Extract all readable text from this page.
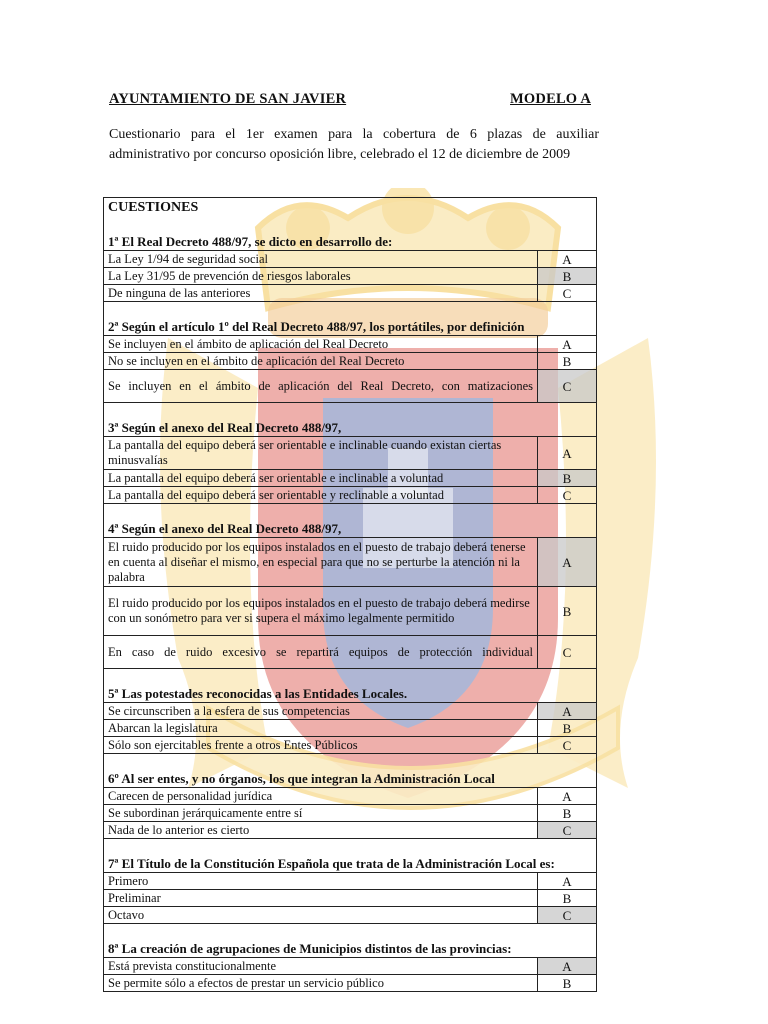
AYUNTAMIENTO DE SAN JAVIER	MODELO A
Cuestionario para el 1er examen para la cobertura de 6 plazas de auxiliar administrativo por concurso oposición libre, celebrado el 12 de diciembre de 2009
CUESTIONES	
1ª El Real Decreto 488/97, se dicto en desarrollo de:	
La Ley 1/94 de seguridad social	A
La Ley 31/95 de prevención de riesgos laborales	B
De ninguna de las anteriores	C
2ª Según el artículo 1º del Real Decreto 488/97, los portátiles, por definición	
Se incluyen en el ámbito de aplicación del Real Decreto	A
No se incluyen en el ámbito de aplicación del Real Decreto	B
Se incluyen en el ámbito de aplicación del Real Decreto, con matizaciones	C
3ª Según el anexo del Real Decreto 488/97,	
La pantalla del equipo deberá ser orientable e inclinable cuando existan ciertas minusvalías	A
La pantalla del equipo deberá ser orientable e inclinable a voluntad	B
La pantalla del equipo deberá ser orientable y reclinable a voluntad	C
4ª Según el anexo del Real Decreto 488/97,	
El ruido producido por los equipos instalados en el puesto de trabajo deberá tenerse en cuenta al diseñar el mismo, en especial para que no se perturbe la atención ni la palabra	A
El ruido producido por los equipos instalados en el puesto de trabajo deberá medirse con un sonómetro para ver si supera el máximo legalmente permitido	B
En caso de ruido excesivo se repartirá equipos de protección individual	C
5ª Las potestades reconocidas a las Entidades Locales.	
Se circunscriben a la esfera de sus competencias	A
Abarcan la legislatura	B
Sólo son ejercitables frente a otros Entes Públicos	C
6º Al ser entes, y no órganos, los que integran la Administración Local	
Carecen de personalidad jurídica	A
Se subordinan jerárquicamente entre sí	B
Nada de lo anterior es cierto	C
7ª El Título de la Constitución Española que trata de la Administración Local es:	
Primero	A
Preliminar	B
Octavo	C
8ª La creación de agrupaciones de Municipios distintos de las provincias:	
Está prevista constitucionalmente	A
Se permite sólo a efectos de prestar un servicio público	B
